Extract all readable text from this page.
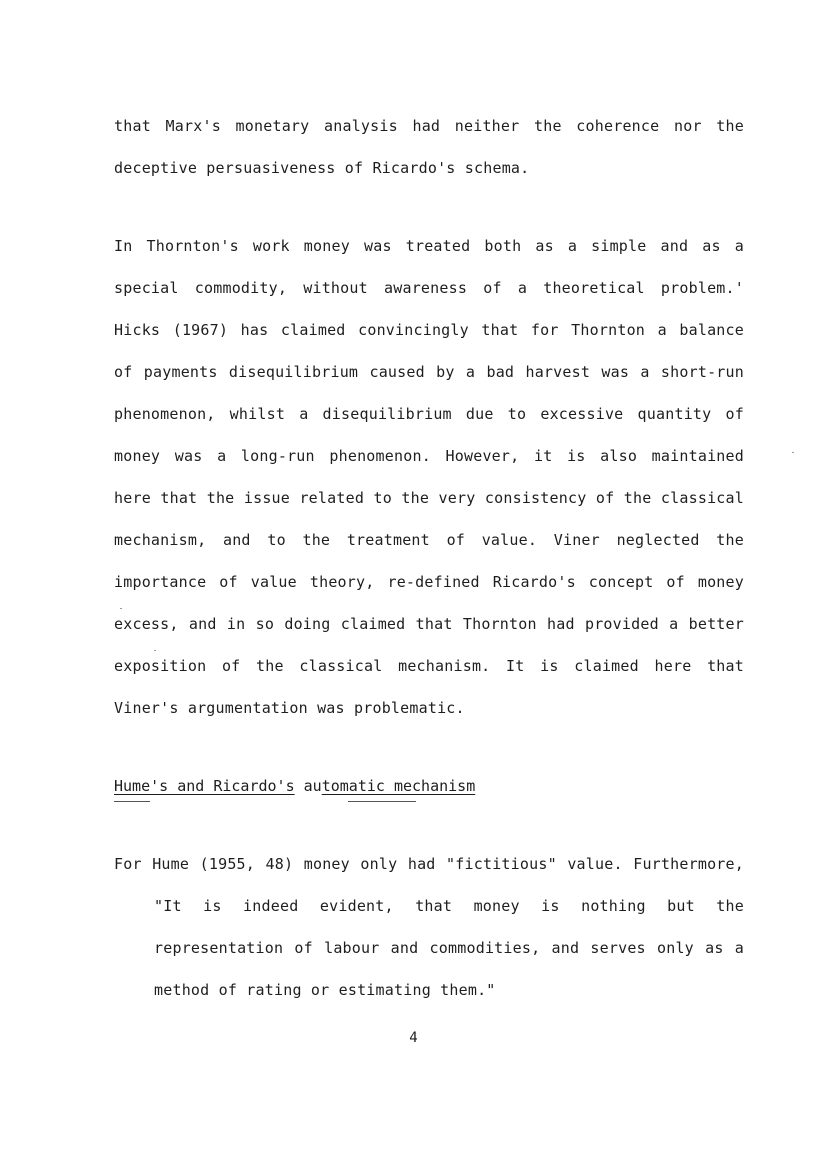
that Marx's monetary analysis had neither the coherence nor the
deceptive persuasiveness of Ricardo's schema.
In Thornton's work money was treated both as a simple and as a
special commodity, without awareness of a theoretical problem.'
Hicks (1967) has claimed convincingly that for Thornton a balance
of payments disequilibrium caused by a bad harvest was a short-run
phenomenon, whilst a disequilibrium due to excessive quantity of
money was a long-run phenomenon. However, it is also maintained
here that the issue related to the very consistency of the classical
mechanism, and to the treatment of value. Viner neglected the
importance of value theory, re-defined Ricardo's concept of money
excess, and in so doing claimed that Thornton had provided a better
exposition of the classical mechanism. It is claimed here that
Viner's argumentation was problematic.
Hume's and Ricardo's automatic mechanism
For Hume (1955, 48) money only had "fictitious" value. Furthermore,
"It is indeed evident, that money is nothing but the
representation of labour and commodities, and serves only as a
method of rating or estimating them."
4
